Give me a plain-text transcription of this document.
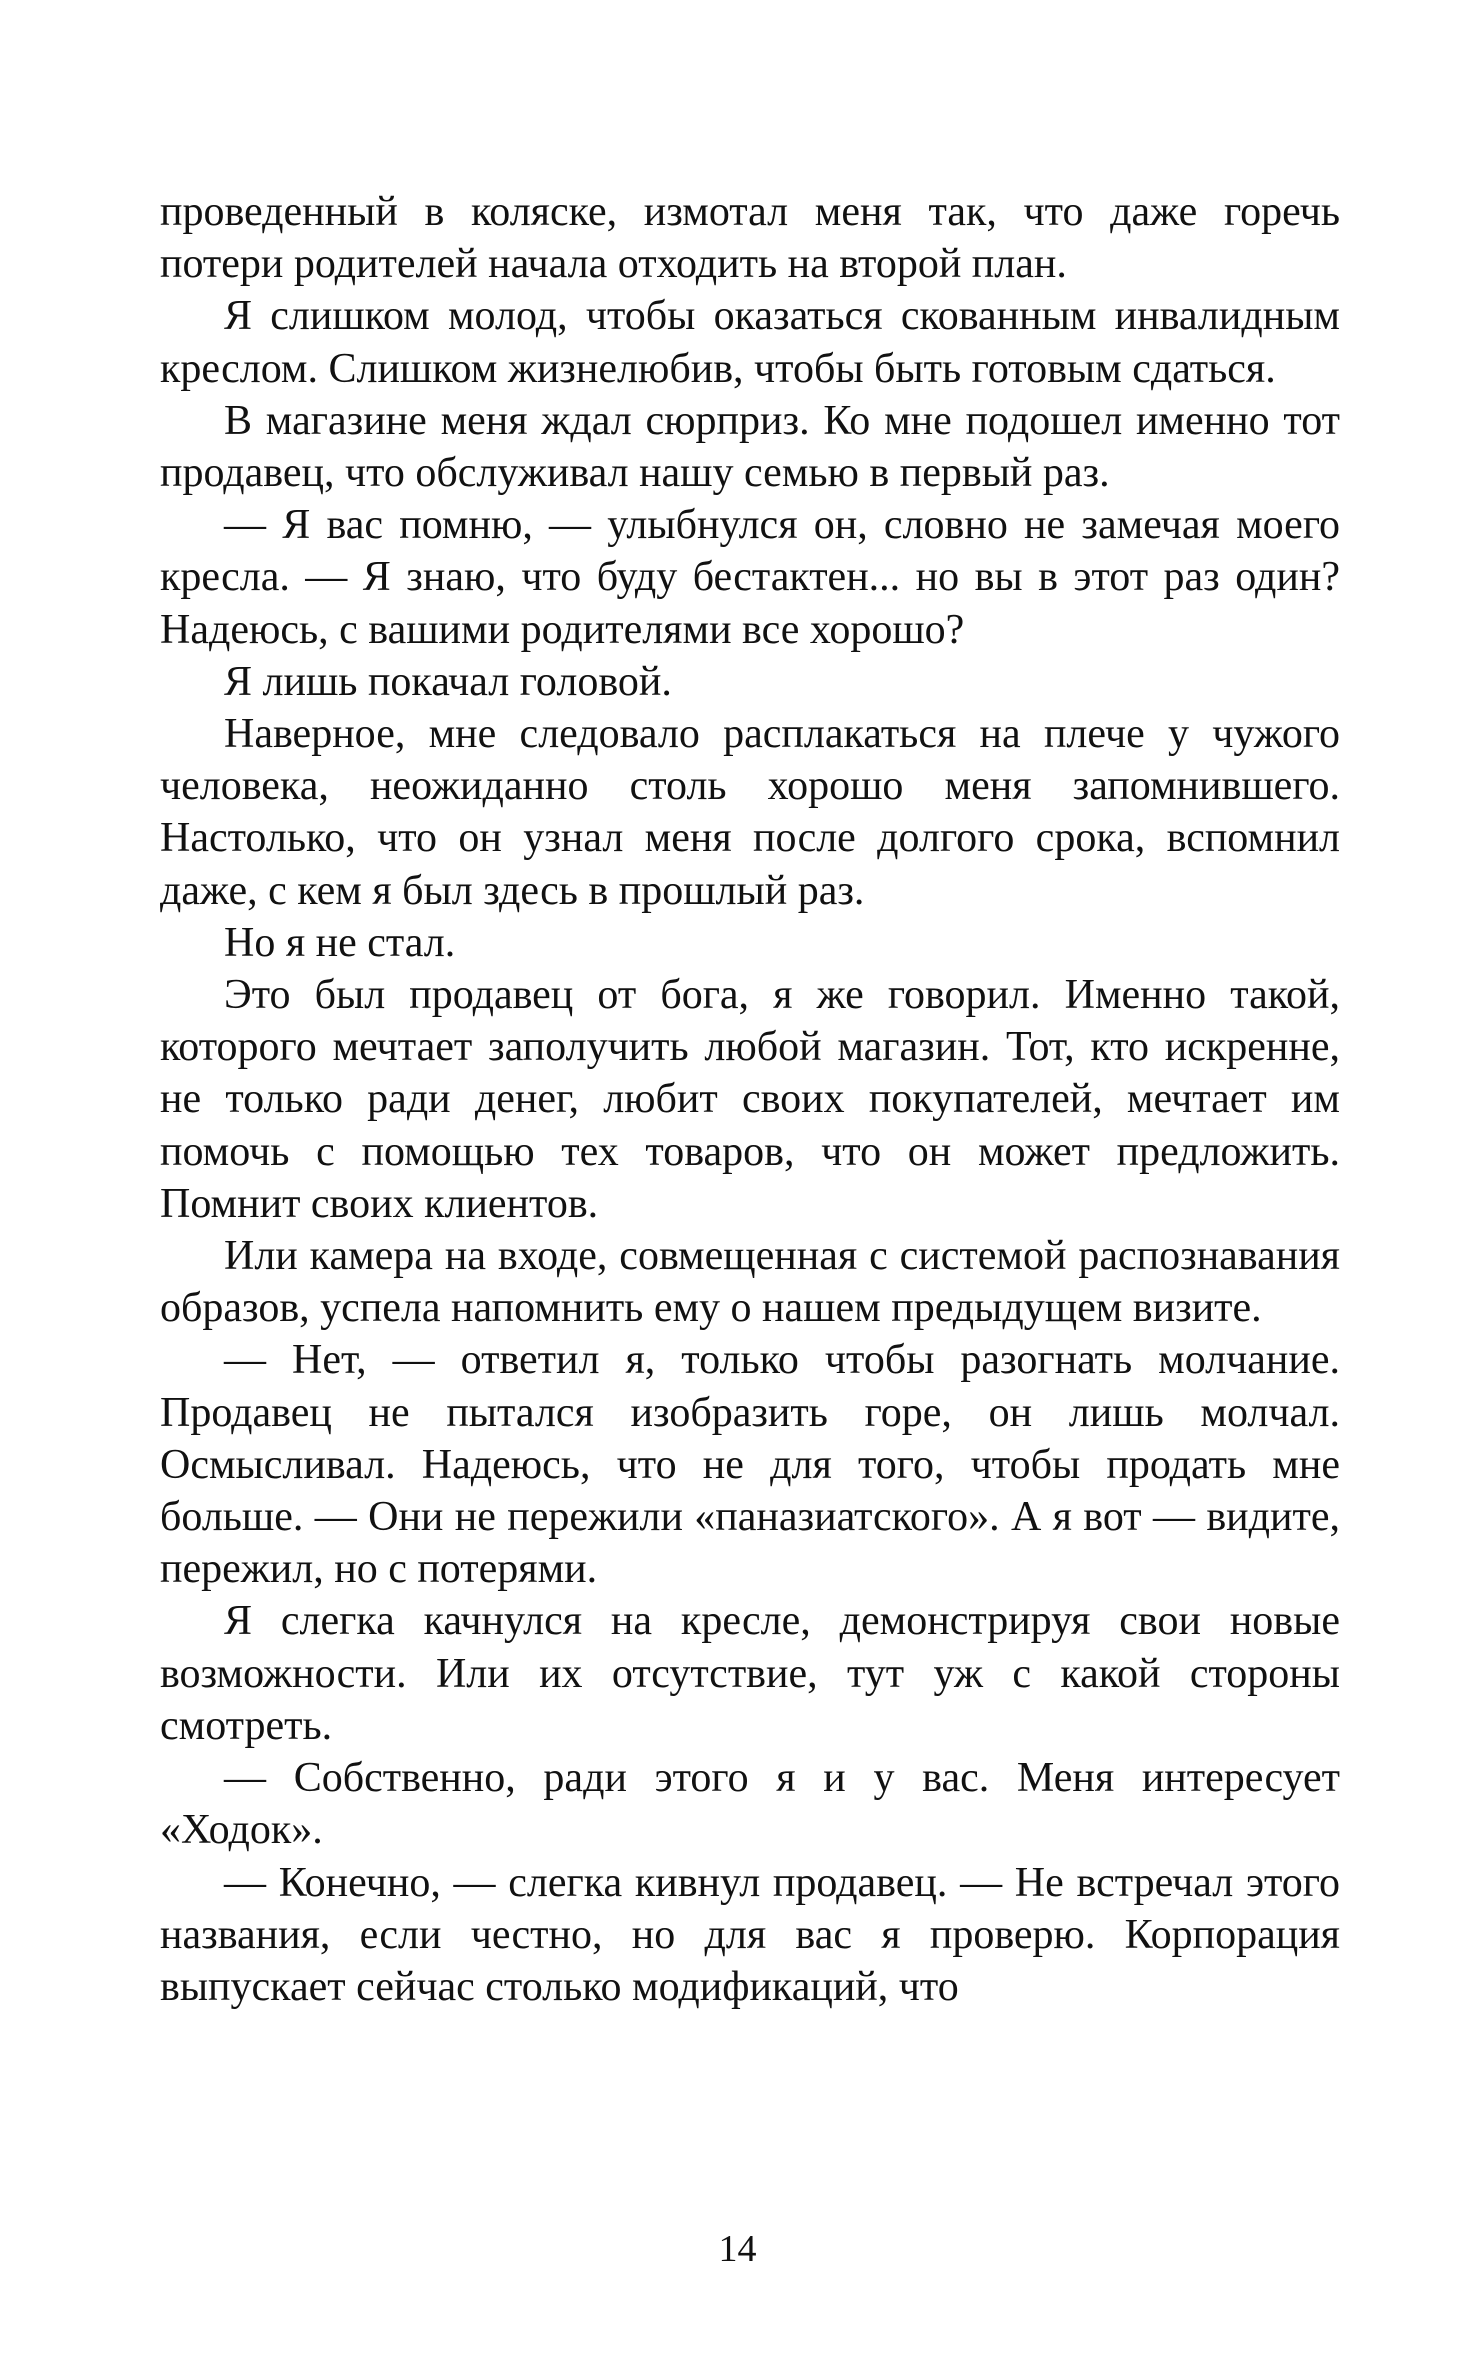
проведенный в коляске, измотал меня так, что даже горечь потери родителей начала отходить на второй план.

Я слишком молод, чтобы оказаться скованным инвалидным креслом. Слишком жизнелюбив, чтобы быть готовым сдаться.

В магазине меня ждал сюрприз. Ко мне подошел именно тот продавец, что обслуживал нашу семью в первый раз.

— Я вас помню, — улыбнулся он, словно не замечая моего кресла. — Я знаю, что буду бестактен... но вы в этот раз один? Надеюсь, с вашими родителями все хорошо?

Я лишь покачал головой.

Наверное, мне следовало расплакаться на плече у чужого человека, неожиданно столь хорошо меня запомнившего. Настолько, что он узнал меня после долгого срока, вспомнил даже, с кем я был здесь в прошлый раз.

Но я не стал.

Это был продавец от бога, я же говорил. Именно такой, которого мечтает заполучить любой магазин. Тот, кто искренне, не только ради денег, любит своих покупателей, мечтает им помочь с помощью тех товаров, что он может предложить. Помнит своих клиентов.

Или камера на входе, совмещенная с системой распознавания образов, успела напомнить ему о нашем предыдущем визите.

— Нет, — ответил я, только чтобы разогнать молчание. Продавец не пытался изобразить горе, он лишь молчал. Осмысливал. Надеюсь, что не для того, чтобы продать мне больше. — Они не пережили «паназиатского». А я вот — видите, пережил, но с потерями.

Я слегка качнулся на кресле, демонстрируя свои новые возможности. Или их отсутствие, тут уж с какой стороны смотреть.

— Собственно, ради этого я и у вас. Меня интересует «Ходок».

— Конечно, — слегка кивнул продавец. — Не встречал этого названия, если честно, но для вас я проверю. Корпорация выпускает сейчас столько модификаций, что

14
